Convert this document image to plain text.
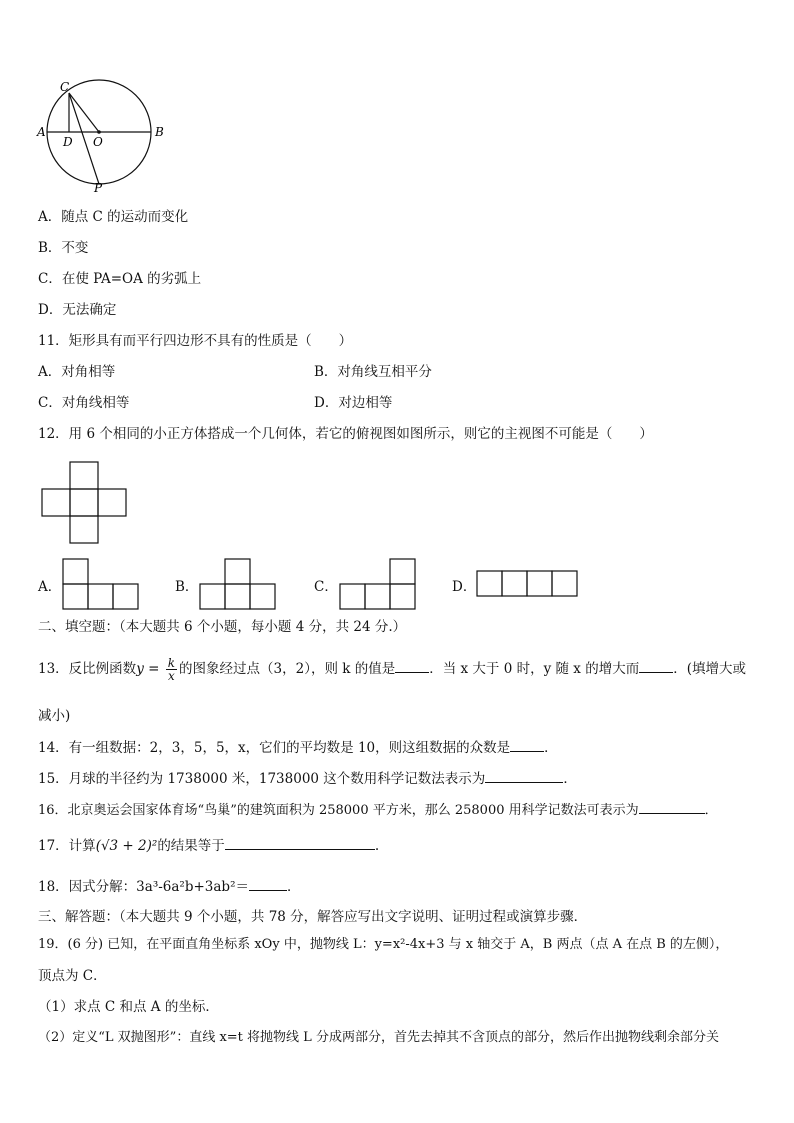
C
A	B
D O
P
A．随点 C 的运动而变化
B．不变
C．在使 PA=OA 的劣弧上
D．无法确定
11．矩形具有而平行四边形不具有的性质是（　　）
A．对角相等	B．对角线互相平分
C．对角线相等	D．对边相等
12．用 6 个相同的小正方体搭成一个几何体，若它的俯视图如图所示，则它的主视图不可能是（　　）
A．	B．	C．	D．
二、填空题：（本大题共 6 个小题，每小题 4 分，共 24 分.）
13．反比例函数$y = \frac{k}{x}$ 的图象经过点（3，2），则 k 的值是	．当 x 大于 0 时，y 随 x 的增大而	．(填增大或
减小)
14．有一组数据：2，3，5，5，x，它们的平均数是 10，则这组数据的众数是	．
15．月球的半径约为 1738000 米，1738000 这个数用科学记数法表示为	．
16．北京奥运会国家体育场“鸟巢”的建筑面积为 258000 平方米，那么 258000 用科学记数法可表示为	．
17．计算(√3 + 2)²的结果等于	.
18．因式分解：3a³-6a²b+3ab²＝	．
三、解答题：（本大题共 9 个小题，共 78 分，解答应写出文字说明、证明过程或演算步骤．
19．(6 分) 已知，在平面直角坐标系 xOy 中，抛物线 L：y=x²-4x+3 与 x 轴交于 A，B 两点（点 A 在点 B 的左侧），
顶点为 C．
（1）求点 C 和点 A 的坐标．
（2）定义“L 双抛图形”：直线 x=t 将抛物线 L 分成两部分，首先去掉其不含顶点的部分，然后作出抛物线剩余部分关
